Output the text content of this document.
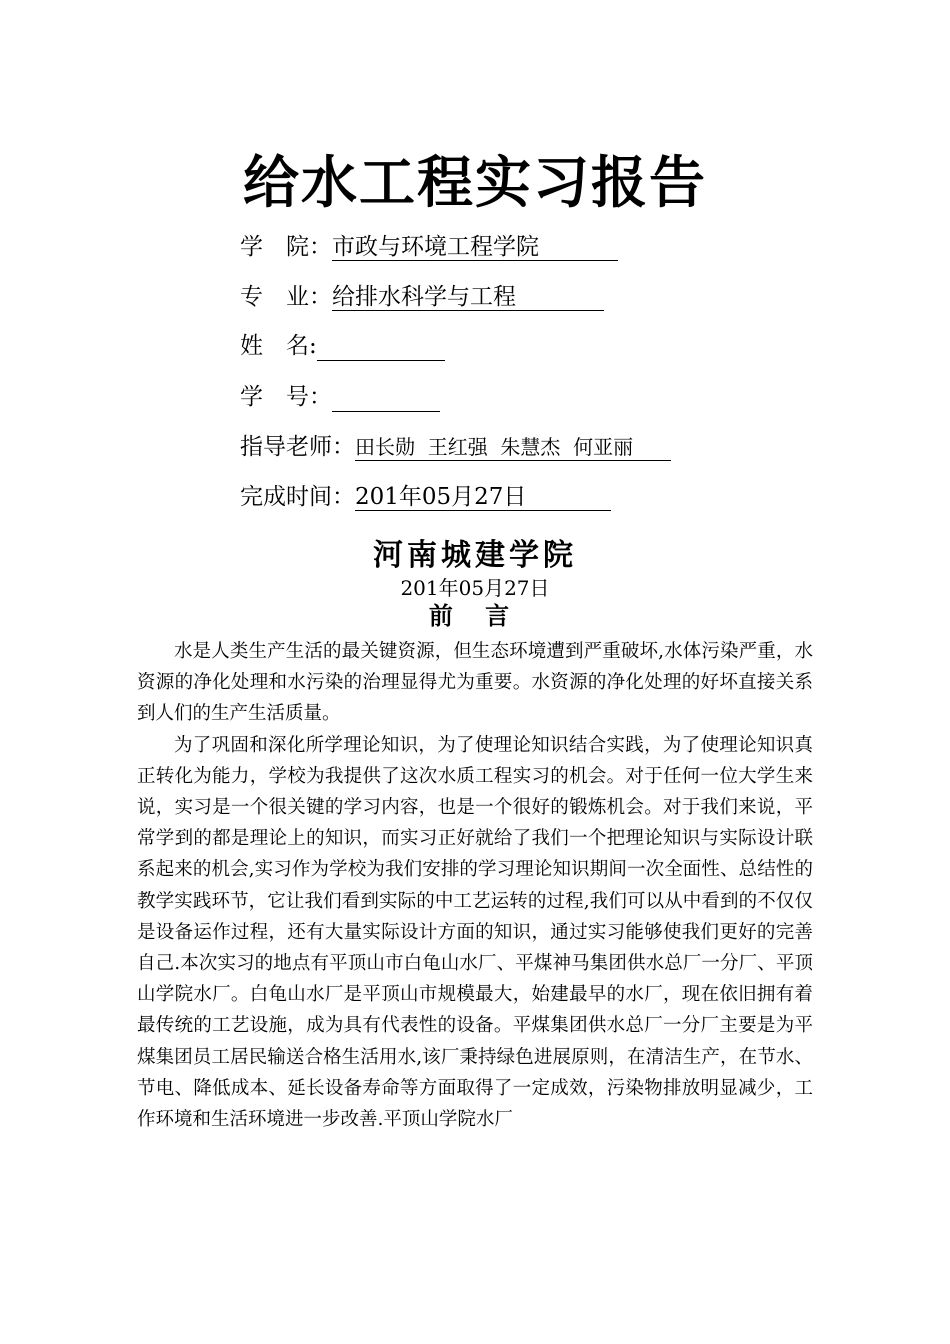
给水工程实习报告
学　院：市政与环境工程学院　　
专　业：给排水科学与工程　　　
姓　名:
学　号：
指导老师：田长勋  王红强  朱慧杰  何亚丽
完成时间：201年05月27日　　　
河南城建学院
201年05月27日
前 言

水是人类生产生活的最关键资源，但生态环境遭到严重破坏,水体污染严重，水资源的净化处理和水污染的治理显得尤为重要。水资源的净化处理的好坏直接关系到人们的生产生活质量。

为了巩固和深化所学理论知识，为了使理论知识结合实践，为了使理论知识真正转化为能力，学校为我提供了这次水质工程实习的机会。对于任何一位大学生来说，实习是一个很关键的学习内容，也是一个很好的锻炼机会。对于我们来说，平常学到的都是理论上的知识，而实习正好就给了我们一个把理论知识与实际设计联系起来的机会,实习作为学校为我们安排的学习理论知识期间一次全面性、总结性的教学实践环节，它让我们看到实际的中工艺运转的过程,我们可以从中看到的不仅仅是设备运作过程，还有大量实际设计方面的知识，通过实习能够使我们更好的完善自己.本次实习的地点有平顶山市白龟山水厂、平煤神马集团供水总厂一分厂、平顶山学院水厂。白龟山水厂是平顶山市规模最大，始建最早的水厂，现在依旧拥有着最传统的工艺设施，成为具有代表性的设备。平煤集团供水总厂一分厂主要是为平煤集团员工居民输送合格生活用水,该厂秉持绿色进展原则，在清洁生产，在节水、节电、降低成本、延长设备寿命等方面取得了一定成效，污染物排放明显减少，工作环境和生活环境进一步改善.平顶山学院水厂
